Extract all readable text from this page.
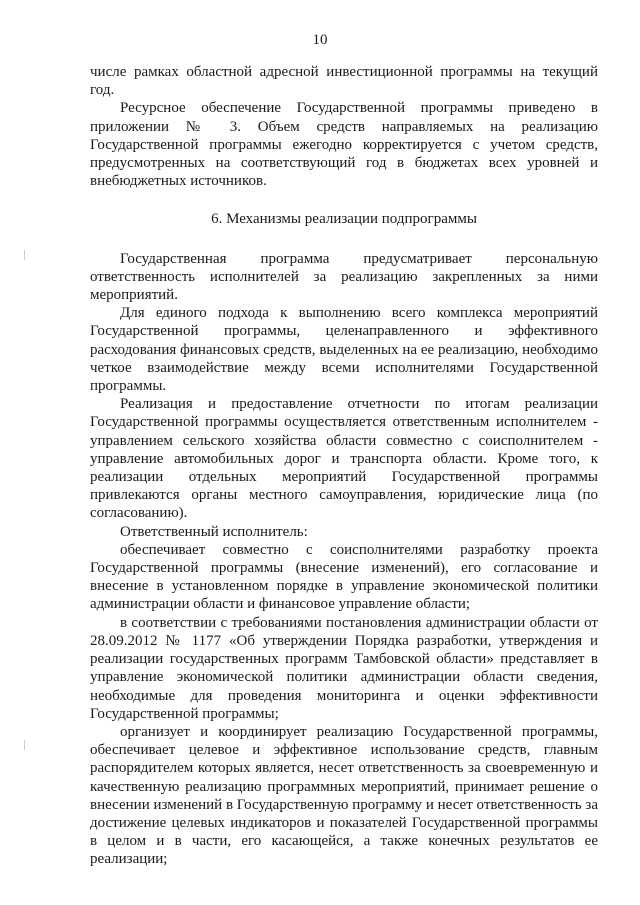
10

числе рамках областной адресной инвестиционной программы на текущий год.

Ресурсное обеспечение Государственной программы приведено в приложении № 3. Объем средств направляемых на реализацию Государственной программы ежегодно корректируется с учетом средств, предусмотренных на соответствующий год в бюджетах всех уровней и внебюджетных источников.

6. Механизмы реализации подпрограммы

Государственная программа предусматривает персональную ответственность исполнителей за реализацию закрепленных за ними мероприятий.

Для единого подхода к выполнению всего комплекса мероприятий Государственной программы, целенаправленного и эффективного расходования финансовых средств, выделенных на ее реализацию, необходимо четкое взаимодействие между всеми исполнителями Государственной программы.

Реализация и предоставление отчетности по итогам реализации Государственной программы осуществляется ответственным исполнителем - управлением сельского хозяйства области совместно с соисполнителем - управление автомобильных дорог и транспорта области. Кроме того, к реализации отдельных мероприятий Государственной программы привлекаются органы местного самоуправления, юридические лица (по согласованию).

Ответственный исполнитель:

обеспечивает совместно с соисполнителями разработку проекта Государственной программы (внесение изменений), его согласование и внесение в установленном порядке в управление экономической политики администрации области и финансовое управление области;

в соответствии с требованиями постановления администрации области от 28.09.2012 № 1177 «Об утверждении Порядка разработки, утверждения и реализации государственных программ Тамбовской области» представляет в управление экономической политики администрации области сведения, необходимые для проведения мониторинга и оценки эффективности Государственной программы;

организует и координирует реализацию Государственной программы, обеспечивает целевое и эффективное использование средств, главным распорядителем которых является, несет ответственность за своевременную и качественную реализацию программных мероприятий, принимает решение о внесении изменений в Государственную программу и несет ответственность за достижение целевых индикаторов и показателей Государственной программы в целом и в части, его касающейся, а также конечных результатов ее реализации;
